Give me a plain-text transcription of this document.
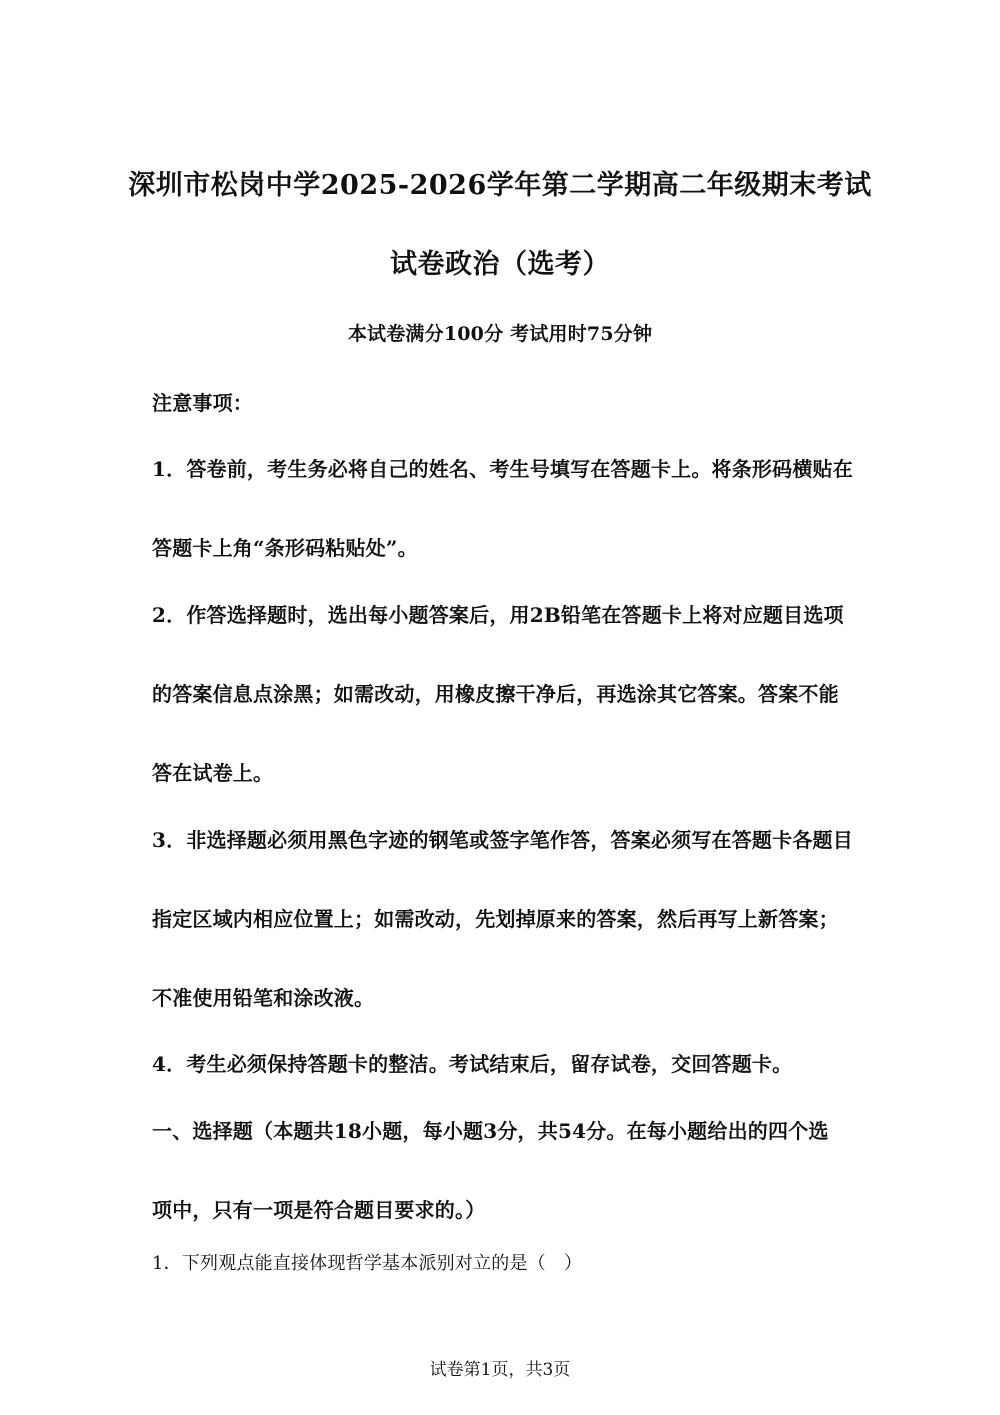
深圳市松岗中学2025-2026学年第二学期高二年级期末考试
试卷政治（选考）
本试卷满分100分 考试用时75分钟
注意事项：
1．答卷前，考生务必将自己的姓名、考生号填写在答题卡上。将条形码横贴在
答题卡上角“条形码粘贴处”。
2．作答选择题时，选出每小题答案后，用2B铅笔在答题卡上将对应题目选项
的答案信息点涂黑；如需改动，用橡皮擦干净后，再选涂其它答案。答案不能
答在试卷上。
3．非选择题必须用黑色字迹的钢笔或签字笔作答，答案必须写在答题卡各题目
指定区域内相应位置上；如需改动，先划掉原来的答案，然后再写上新答案；
不准使用铅笔和涂改液。
4．考生必须保持答题卡的整洁。考试结束后，留存试卷，交回答题卡。
一、选择题（本题共18小题，每小题3分，共54分。在每小题给出的四个选
项中，只有一项是符合题目要求的。）
1．下列观点能直接体现哲学基本派别对立的是（　）
试卷第1页，共3页
